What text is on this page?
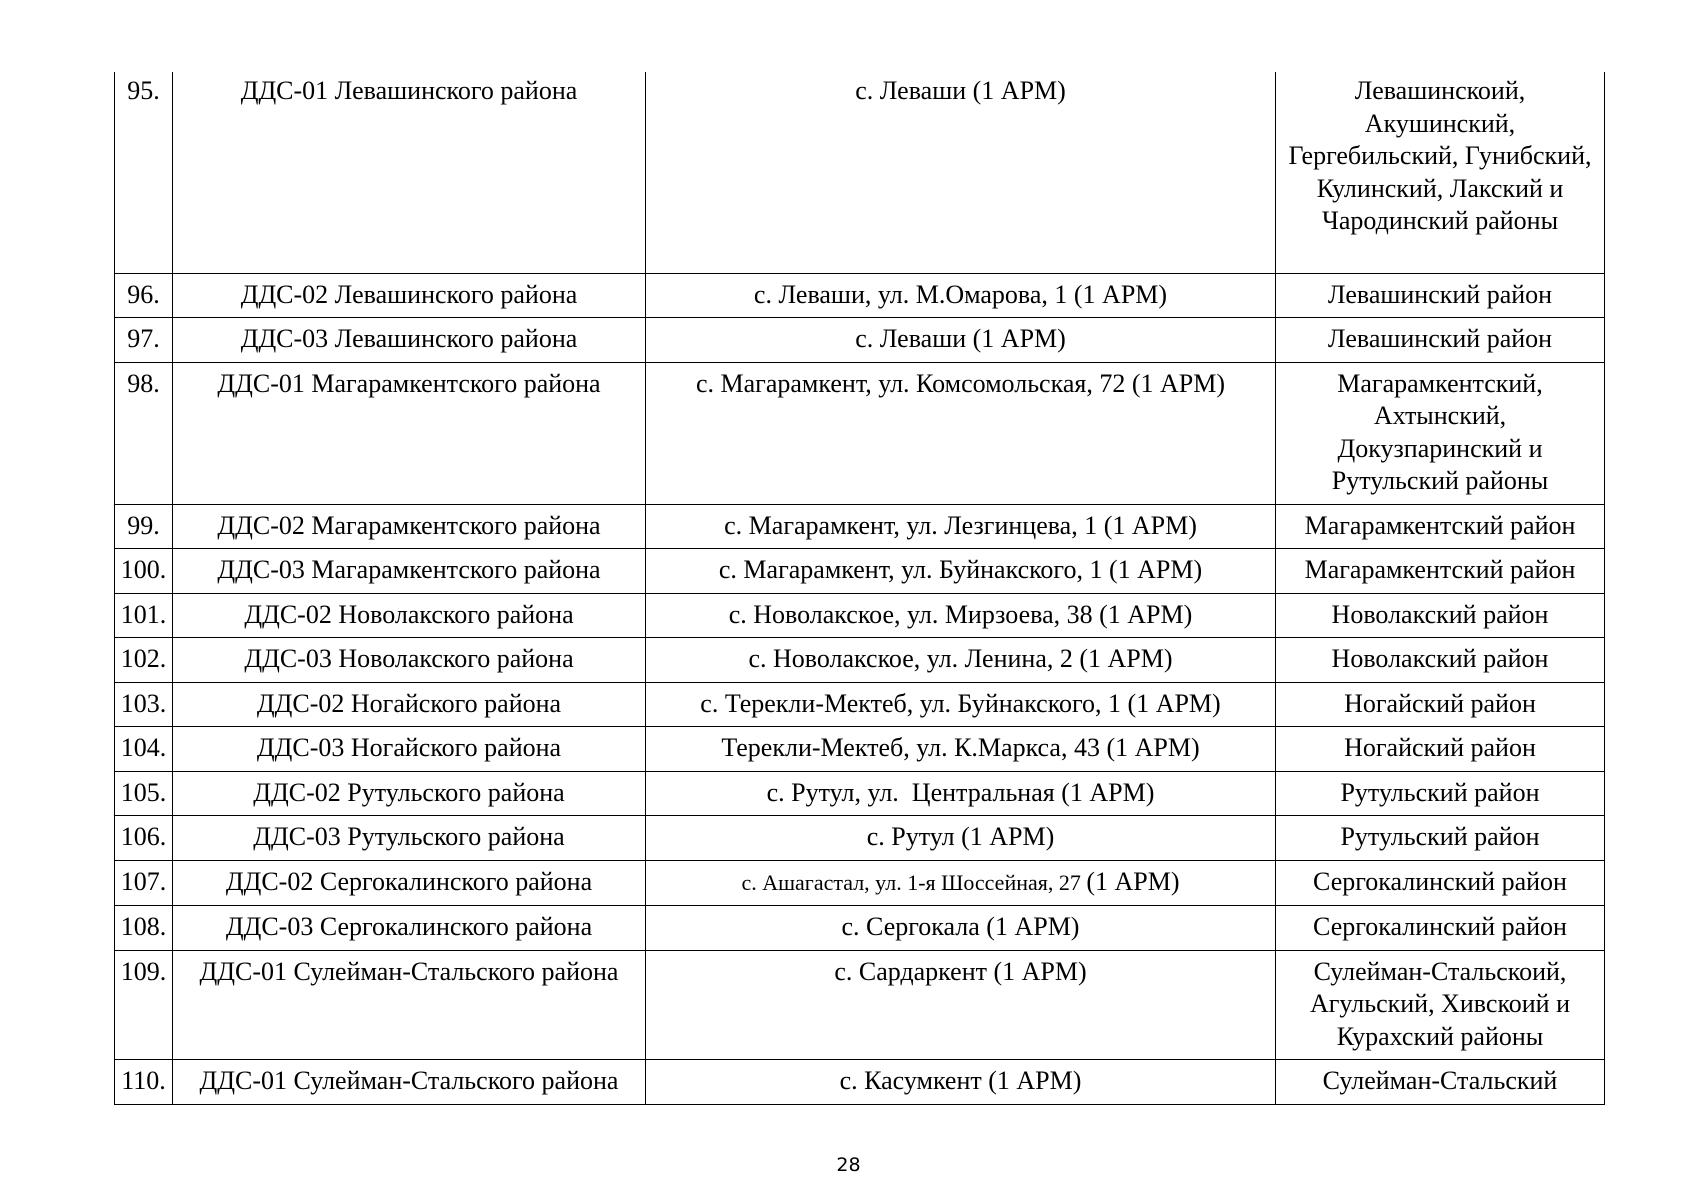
95.	ДДС-01 Левашинского района	с. Леваши (1 АРМ)	Левашинскоий, Акушинский, Гергебильский, Гунибский, Кулинский, Лакский и Чародинский районы
96.	ДДС-02 Левашинского района	с. Леваши, ул. М.Омарова, 1 (1 АРМ)	Левашинский район
97.	ДДС-03 Левашинского района	с. Леваши (1 АРМ)	Левашинский район
98.	ДДС-01 Магарамкентского района	с. Магарамкент, ул. Комсомольская, 72 (1 АРМ)	Магарамкентский, Ахтынский, Докузпаринский и Рутульский районы
99.	ДДС-02 Магарамкентского района	с. Магарамкент, ул. Лезгинцева, 1 (1 АРМ)	Магарамкентский район
100.	ДДС-03 Магарамкентского района	с. Магарамкент, ул. Буйнакского, 1 (1 АРМ)	Магарамкентский район
101.	ДДС-02 Новолакского района	с. Новолакское, ул. Мирзоева, 38 (1 АРМ)	Новолакский район
102.	ДДС-03 Новолакского района	с. Новолакское, ул. Ленина, 2 (1 АРМ)	Новолакский район
103.	ДДС-02 Ногайского района	с. Терекли-Мектеб, ул. Буйнакского, 1 (1 АРМ)	Ногайский район
104.	ДДС-03 Ногайского района	Терекли-Мектеб, ул. К.Маркса, 43 (1 АРМ)	Ногайский район
105.	ДДС-02 Рутульского района	с. Рутул, ул.  Центральная (1 АРМ)	Рутульский район
106.	ДДС-03 Рутульского района	с. Рутул (1 АРМ)	Рутульский район
107.	ДДС-02 Сергокалинского района	с. Ашагастал, ул. 1-я Шоссейная, 27 (1 АРМ)	Сергокалинский район
108.	ДДС-03 Сергокалинского района	с. Сергокала (1 АРМ)	Сергокалинский район
109.	ДДС-01 Сулейман-Стальского района	с. Сардаркент (1 АРМ)	Сулейман-Стальскоий, Агульский, Хивскоий и Курахский районы
110.	ДДС-01 Сулейман-Стальского района	с. Касумкент (1 АРМ)	Сулейман-Стальский
28
